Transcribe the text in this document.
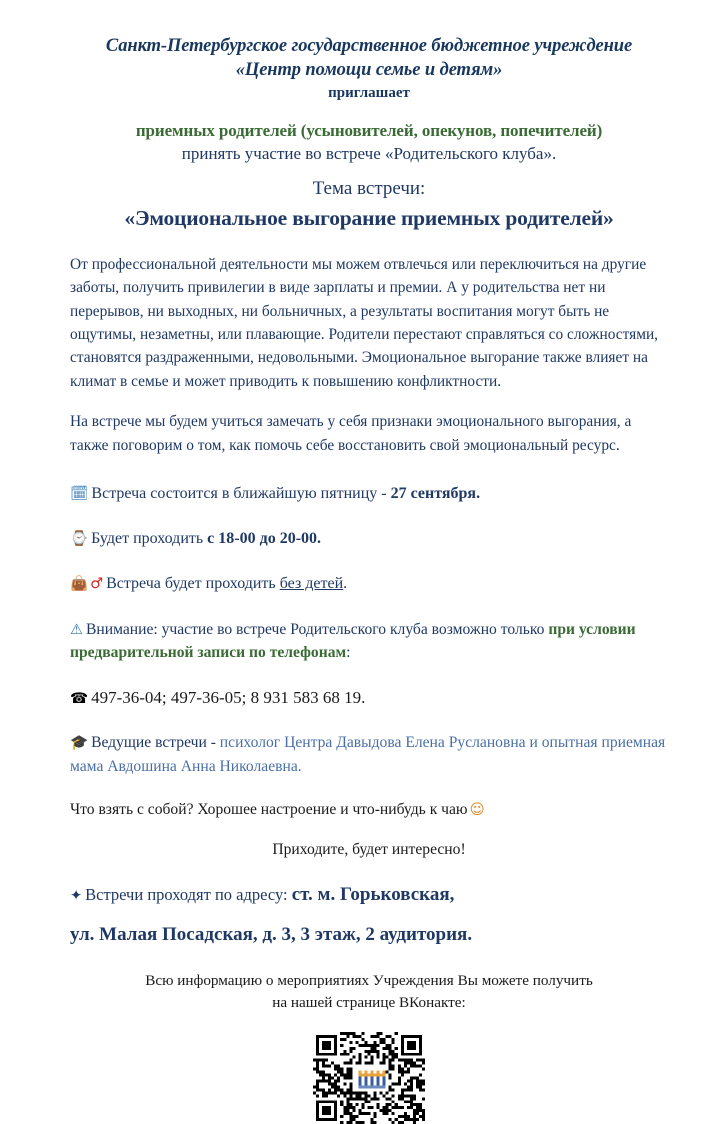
Санкт-Петербургское государственное бюджетное учреждение
«Центр помощи семье и детям»
приглашает
приемных родителей (усыновителей, опекунов, попечителей)
принять участие во встрече «Родительского клуба».
Тема встречи:
«Эмоциональное выгорание приемных родителей»

От профессиональной деятельности мы можем отвлечься или переключиться на другие заботы, получить привилегии в виде зарплаты и премии. А у родительства нет ни перерывов, ни выходных, ни больничных, а результаты воспитания могут быть не ощутимы, незаметны, или плавающие. Родители перестают справляться со сложностями, становятся раздраженными, недовольными. Эмоциональное выгорание также влияет на климат в семье и может приводить к повышению конфликтности.

На встрече мы будем учиться замечать у себя признаки эмоционального выгорания, а также поговорим о том, как помочь себе восстановить свой эмоциональный ресурс.

🗓 Встреча состоится в ближайшую пятницу - 27 сентября.
⌚ Будет проходить с 18-00 до 20-00.
👜 ♂ Встреча будет проходить без детей.
⚠ Внимание: участие во встрече Родительского клуба возможно только при условии предварительной записи по телефонам:
☎ 497-36-04; 497-36-05; 8 931 583 68 19.
🎓 Ведущие встречи - психолог Центра Давыдова Елена Руслановна и опытная приемная мама Авдошина Анна Николаевна.
Что взять с собой? Хорошее настроение и что-нибудь к чаю ☺
Приходите, будет интересно!
✦ Встречи проходят по адресу: ст. м. Горьковская,
ул. Малая Посадская, д. 3, 3 этаж, 2 аудитория.
Всю информацию о мероприятиях Учреждения Вы можете получить
на нашей странице ВКонакте:
